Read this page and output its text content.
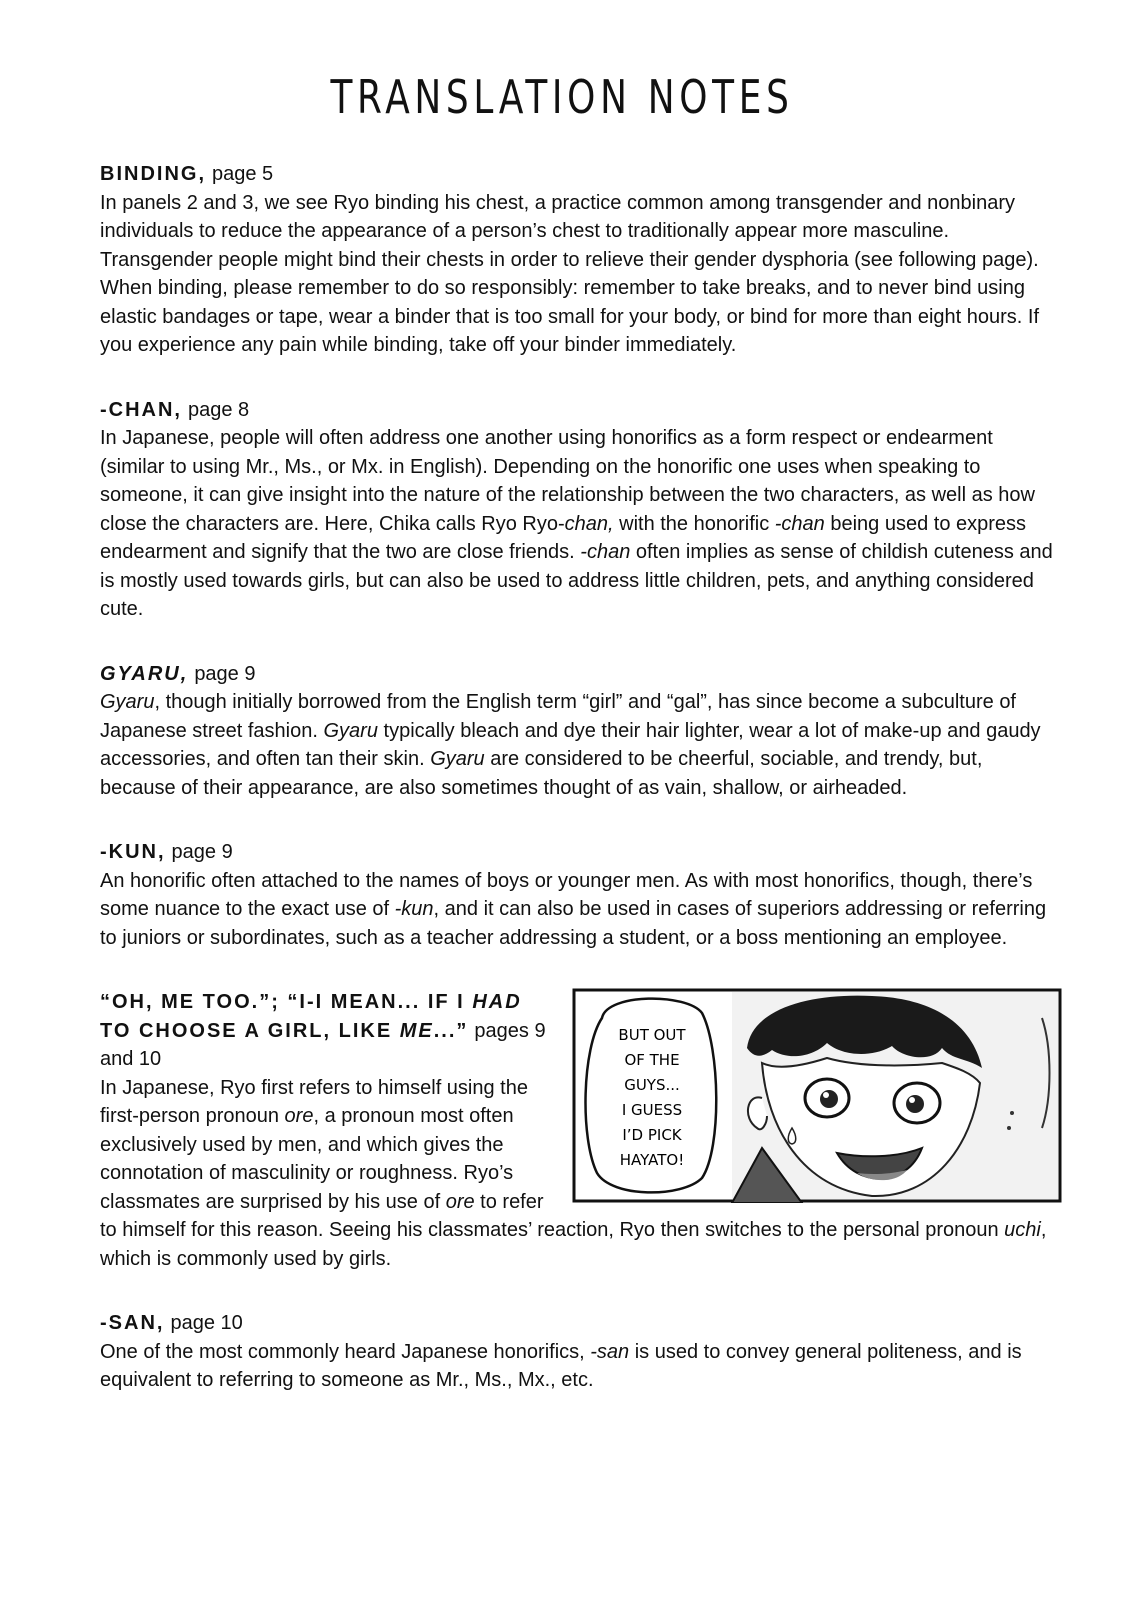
TRANSLATION NOTES
BINDING, page 5

In panels 2 and 3, we see Ryo binding his chest, a practice common among transgender and nonbinary individuals to reduce the appearance of a person’s chest to traditionally appear more masculine. Transgender people might bind their chests in order to relieve their gender dysphoria (see following page). When binding, please remember to do so responsibly: remember to take breaks, and to never bind using elastic bandages or tape, wear a binder that is too small for your body, or bind for more than eight hours. If you experience any pain while binding, take off your binder immediately.

-CHAN, page 8

In Japanese, people will often address one another using honorifics as a form respect or endearment (similar to using Mr., Ms., or Mx. in English). Depending on the honorific one uses when speaking to someone, it can give insight into the nature of the relationship between the two characters, as well as how close the characters are. Here, Chika calls Ryo Ryo-chan, with the honorific -chan being used to express endearment and signify that the two are close friends. -chan often implies as sense of childish cuteness and is mostly used towards girls, but can also be used to address little children, pets, and anything considered cute.

GYARU, page 9

Gyaru, though initially borrowed from the English term “girl” and “gal”, has since become a subculture of Japanese street fashion. Gyaru typically bleach and dye their hair lighter, wear a lot of make-up and gaudy accessories, and often tan their skin. Gyaru are considered to be cheerful, sociable, and trendy, but, because of their appearance, are also sometimes thought of as vain, shallow, or airheaded.

-KUN, page 9

An honorific often attached to the names of boys or younger men. As with most honorifics, though, there’s some nuance to the exact use of -kun, and it can also be used in cases of superiors addressing or referring to juniors or subordinates, such as a teacher addressing a student, or a boss mentioning an employee.

BUT OUT
OF THE
GUYS...
I GUESS
I’D PICK
HAYATO!
“OH, ME TOO.”; “I-I MEAN... IF I HAD TO CHOOSE A GIRL, LIKE ME...” pages 9 and 10

In Japanese, Ryo first refers to himself using the first-person pronoun ore, a pronoun most often exclusively used by men, and which gives the connotation of masculinity or roughness. Ryo’s classmates are surprised by his use of ore to refer to himself for this reason. Seeing his classmates’ reaction, Ryo then switches to the personal pronoun uchi, which is commonly used by girls.

-SAN, page 10

One of the most commonly heard Japanese honorifics, -san is used to convey general politeness, and is equivalent to referring to someone as Mr., Ms., Mx., etc.
